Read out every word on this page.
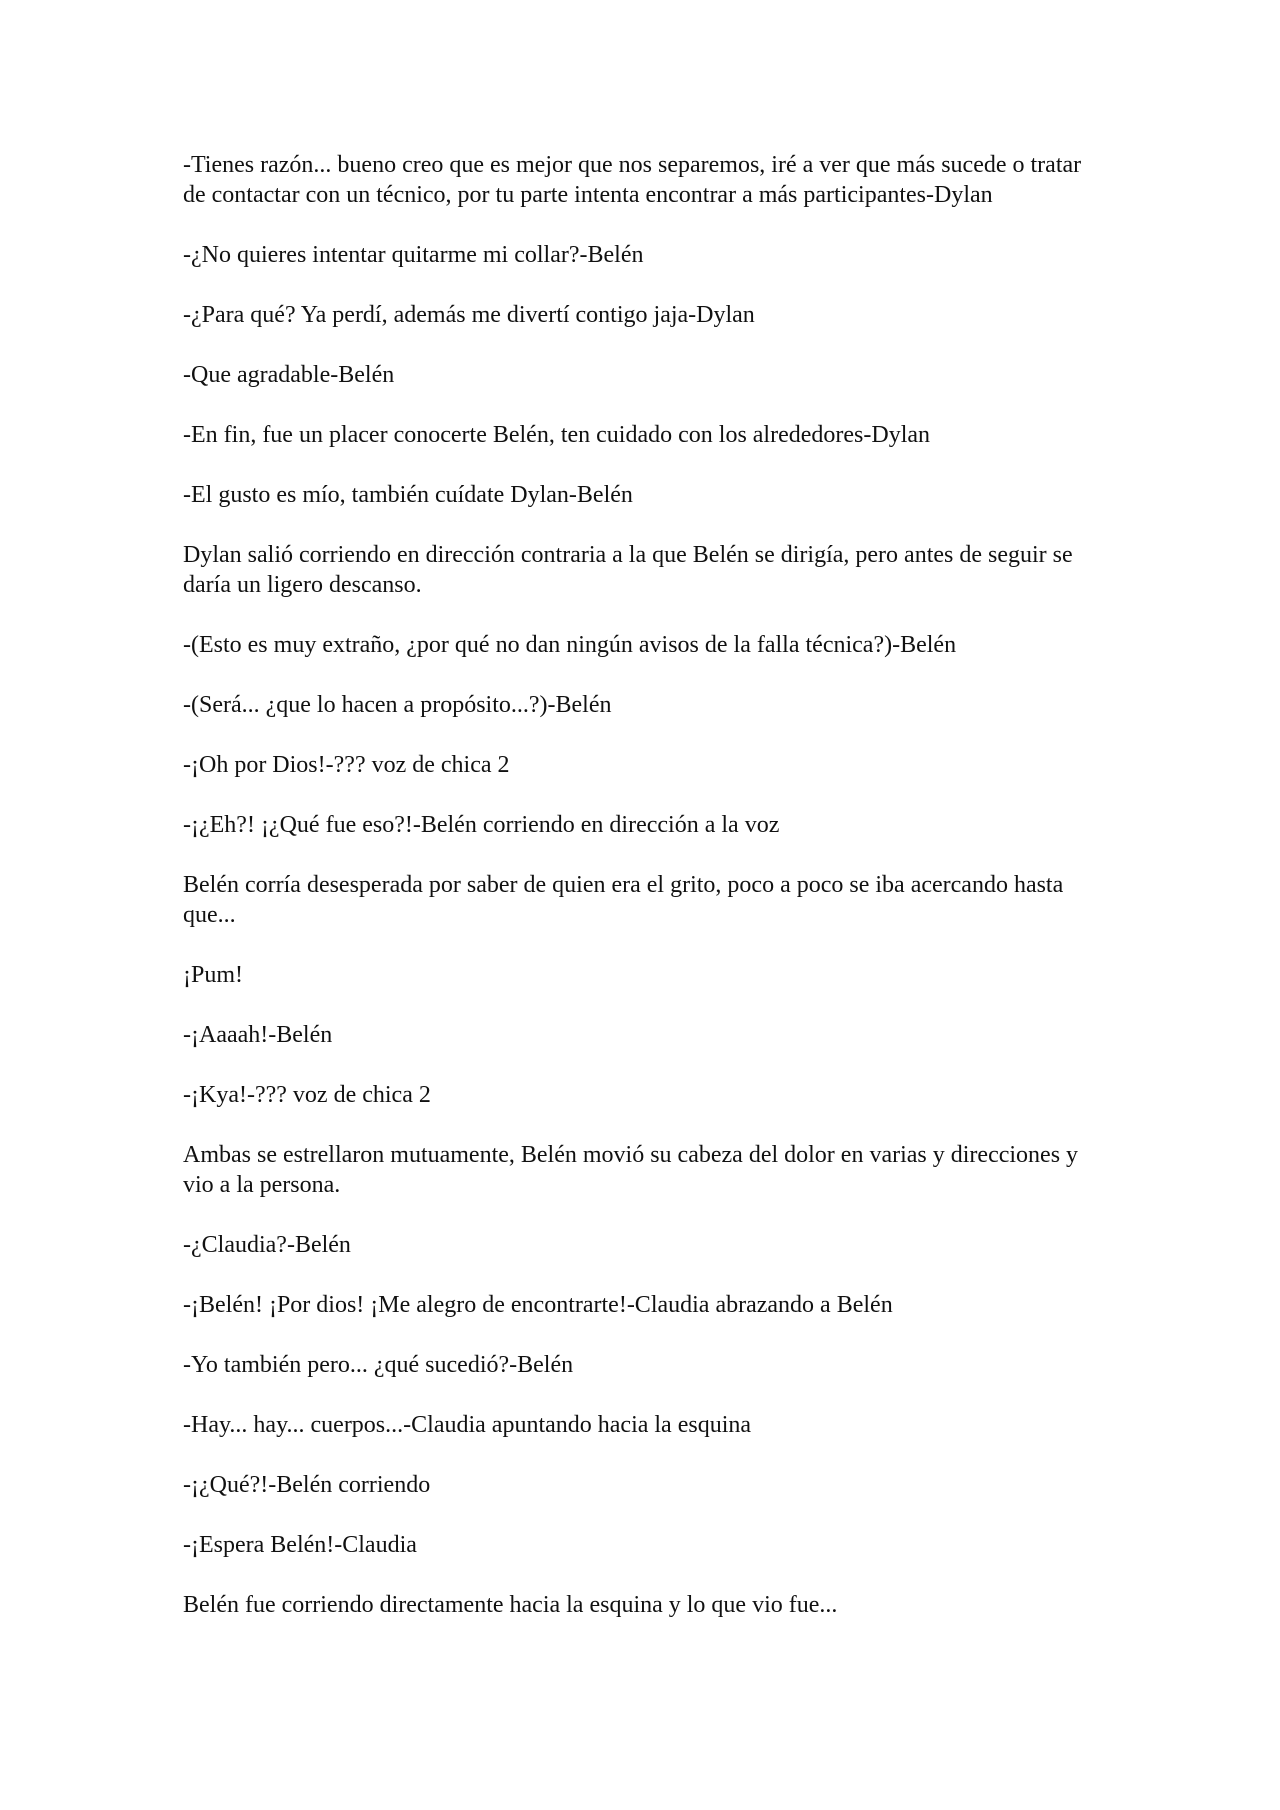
-Tienes razón... bueno creo que es mejor que nos separemos, iré a ver que más sucede o tratar de contactar con un técnico, por tu parte intenta encontrar a más participantes-Dylan

-¿No quieres intentar quitarme mi collar?-Belén

-¿Para qué? Ya perdí, además me divertí contigo jaja-Dylan

-Que agradable-Belén

-En fin, fue un placer conocerte Belén, ten cuidado con los alrededores-Dylan

-El gusto es mío, también cuídate Dylan-Belén

Dylan salió corriendo en dirección contraria a la que Belén se dirigía, pero antes de seguir se daría un ligero descanso.

-(Esto es muy extraño, ¿por qué no dan ningún avisos de la falla técnica?)-Belén

-(Será... ¿que lo hacen a propósito...?)-Belén

-¡Oh por Dios!-??? voz de chica 2

-¡¿Eh?! ¡¿Qué fue eso?!-Belén corriendo en dirección a la voz

Belén corría desesperada por saber de quien era el grito, poco a poco se iba acercando hasta que...

¡Pum!

-¡Aaaah!-Belén

-¡Kya!-??? voz de chica 2

Ambas se estrellaron mutuamente, Belén movió su cabeza del dolor en varias y direcciones y vio a la persona.

-¿Claudia?-Belén

-¡Belén! ¡Por dios! ¡Me alegro de encontrarte!-Claudia abrazando a Belén

-Yo también pero... ¿qué sucedió?-Belén

-Hay... hay... cuerpos...-Claudia apuntando hacia la esquina

-¡¿Qué?!-Belén corriendo

-¡Espera Belén!-Claudia

Belén fue corriendo directamente hacia la esquina y lo que vio fue...
